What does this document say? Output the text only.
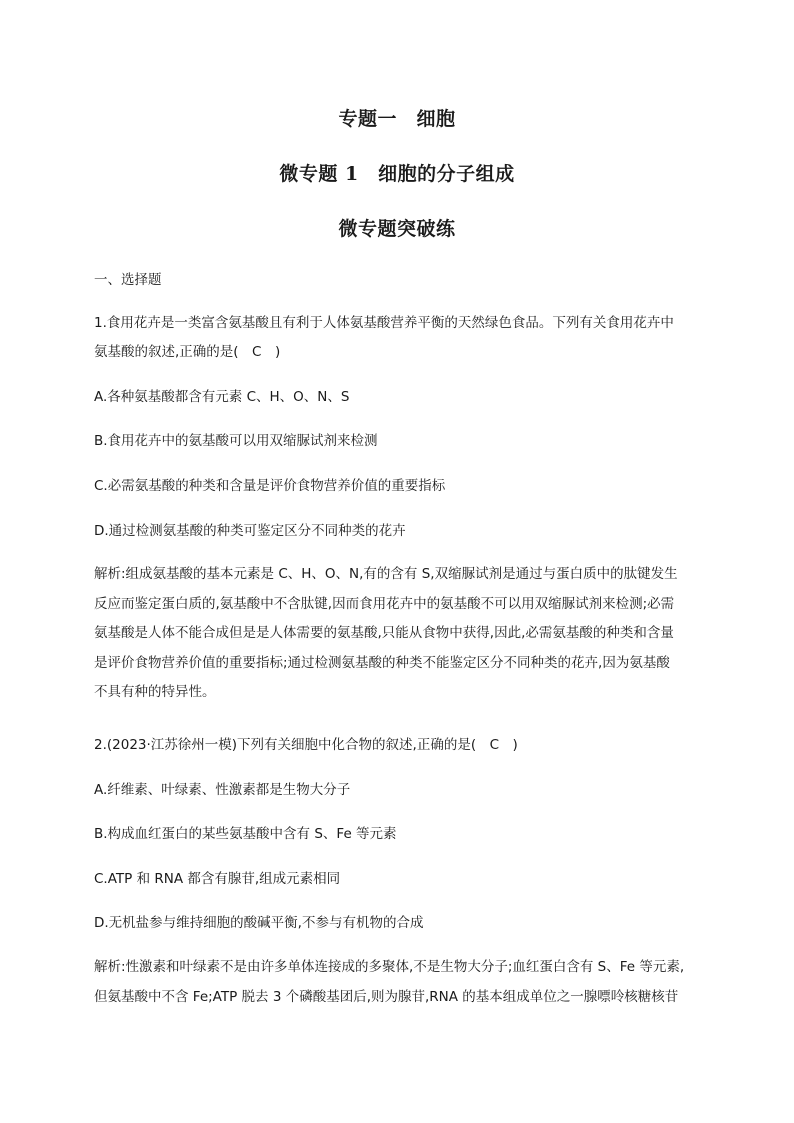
专题一　细胞
微专题 1　细胞的分子组成
微专题突破练
一、选择题
1.食用花卉是一类富含氨基酸且有利于人体氨基酸营养平衡的天然绿色食品。下列有关食用花卉中
氨基酸的叙述,正确的是(　C　)
A.各种氨基酸都含有元素 C、H、O、N、S
B.食用花卉中的氨基酸可以用双缩脲试剂来检测
C.必需氨基酸的种类和含量是评价食物营养价值的重要指标
D.通过检测氨基酸的种类可鉴定区分不同种类的花卉
解析:组成氨基酸的基本元素是 C、H、O、N,有的含有 S,双缩脲试剂是通过与蛋白质中的肽键发生
反应而鉴定蛋白质的,氨基酸中不含肽键,因而食用花卉中的氨基酸不可以用双缩脲试剂来检测;必需
氨基酸是人体不能合成但是是人体需要的氨基酸,只能从食物中获得,因此,必需氨基酸的种类和含量
是评价食物营养价值的重要指标;通过检测氨基酸的种类不能鉴定区分不同种类的花卉,因为氨基酸
不具有种的特异性。
2.(2023·江苏徐州一模)下列有关细胞中化合物的叙述,正确的是(　C　)
A.纤维素、叶绿素、性激素都是生物大分子
B.构成血红蛋白的某些氨基酸中含有 S、Fe 等元素
C.ATP 和 RNA 都含有腺苷,组成元素相同
D.无机盐参与维持细胞的酸碱平衡,不参与有机物的合成
解析:性激素和叶绿素不是由许多单体连接成的多聚体,不是生物大分子;血红蛋白含有 S、Fe 等元素,
但氨基酸中不含 Fe;ATP 脱去 3 个磷酸基团后,则为腺苷,RNA 的基本组成单位之一腺嘌呤核糖核苷
